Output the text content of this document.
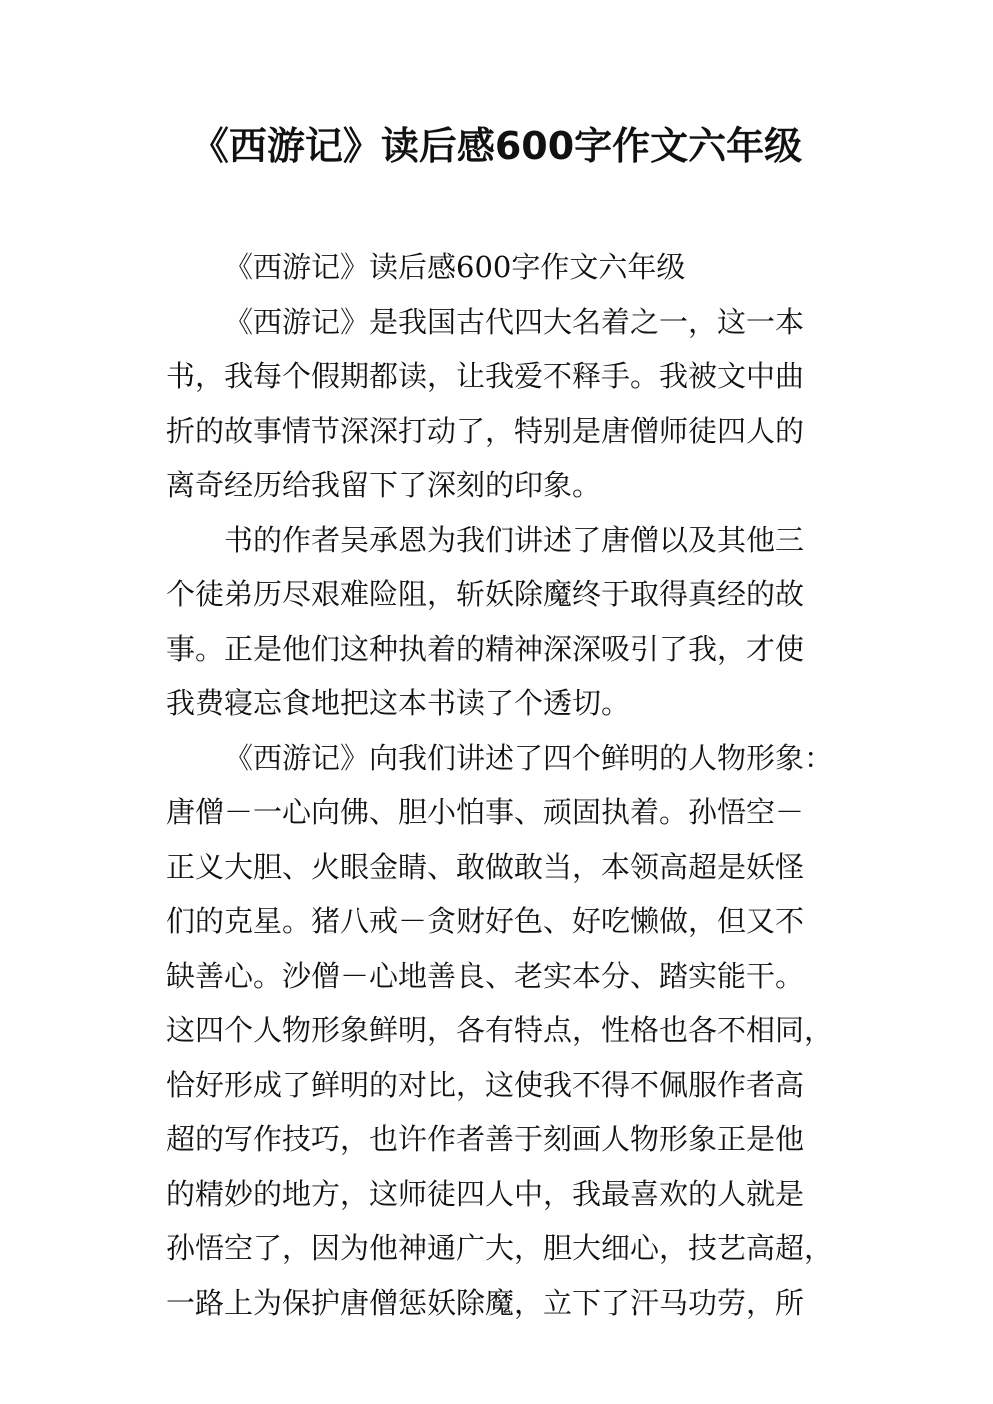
《西游记》读后感600字作文六年级
《西游记》读后感600字作文六年级
《西游记》是我国古代四大名着之一，这一本
书，我每个假期都读，让我爱不释手。我被文中曲
折的故事情节深深打动了，特别是唐僧师徒四人的
离奇经历给我留下了深刻的印象。
书的作者吴承恩为我们讲述了唐僧以及其他三
个徒弟历尽艰难险阻，斩妖除魔终于取得真经的故
事。正是他们这种执着的精神深深吸引了我，才使
我费寝忘食地把这本书读了个透切。
《西游记》向我们讲述了四个鲜明的人物形象：
唐僧－一心向佛、胆小怕事、顽固执着。孙悟空－
正义大胆、火眼金睛、敢做敢当，本领高超是妖怪
们的克星。猪八戒－贪财好色、好吃懒做，但又不
缺善心。沙僧－心地善良、老实本分、踏实能干。
这四个人物形象鲜明，各有特点，性格也各不相同，
恰好形成了鲜明的对比，这使我不得不佩服作者高
超的写作技巧，也许作者善于刻画人物形象正是他
的精妙的地方，这师徒四人中，我最喜欢的人就是
孙悟空了，因为他神通广大，胆大细心，技艺高超，
一路上为保护唐僧惩妖除魔，立下了汗马功劳，所
